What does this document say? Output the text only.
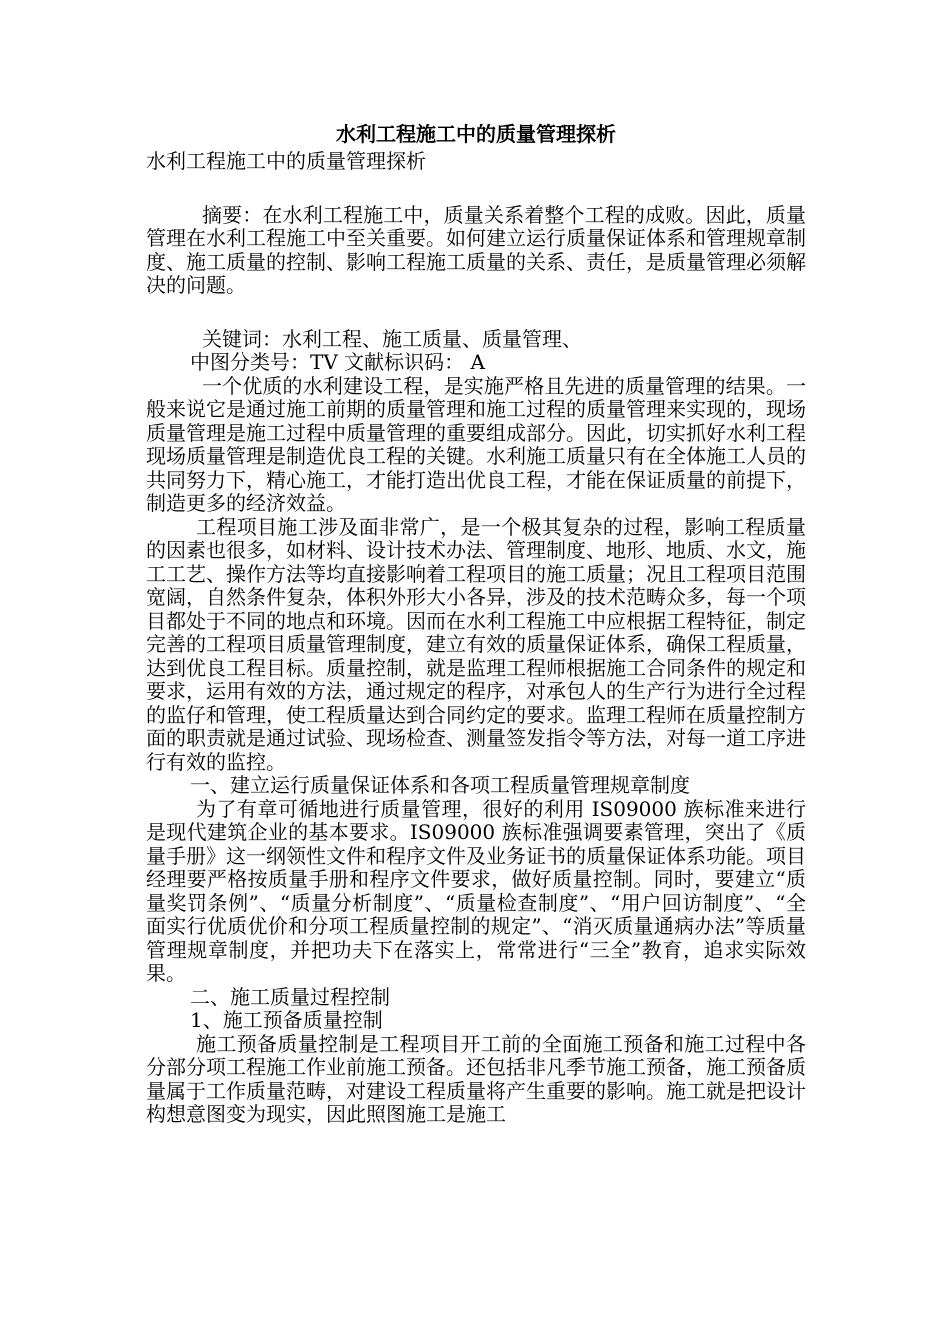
水利工程施工中的质量管理探析

水利工程施工中的质量管理探析

摘要：在水利工程施工中，质量关系着整个工程的成败。因此，质量管理在水利工程施工中至关重要。如何建立运行质量保证体系和管理规章制度、施工质量的控制、影响工程施工质量的关系、责任，是质量管理必须解决的问题。

关键词：水利工程、施工质量、质量管理、

中图分类号：TV 文献标识码： A

一个优质的水利建设工程，是实施严格且先进的质量管理的结果。一般来说它是通过施工前期的质量管理和施工过程的质量管理来实现的，现场质量管理是施工过程中质量管理的重要组成部分。因此，切实抓好水利工程现场质量管理是制造优良工程的关键。水利施工质量只有在全体施工人员的共同努力下，精心施工，才能打造出优良工程，才能在保证质量的前提下，制造更多的经济效益。

工程项目施工涉及面非常广，是一个极其复杂的过程，影响工程质量的因素也很多，如材料、设计技术办法、管理制度、地形、地质、水文，施工工艺、操作方法等均直接影响着工程项目的施工质量；况且工程项目范围宽阔，自然条件复杂，体积外形大小各异，涉及的技术范畴众多，每一个项目都处于不同的地点和环境。因而在水利工程施工中应根据工程特征，制定完善的工程项目质量管理制度，建立有效的质量保证体系，确保工程质量，达到优良工程目标。质量控制，就是监理工程师根据施工合同条件的规定和要求，运用有效的方法，通过规定的程序，对承包人的生产行为进行全过程的监仔和管理，使工程质量达到合同约定的要求。监理工程师在质量控制方面的职责就是通过试验、现场检查、测量签发指令等方法，对每一道工序进行有效的监控。

一、建立运行质量保证体系和各项工程质量管理规章制度

为了有章可循地进行质量管理，很好的利用 IS09000 族标准来进行是现代建筑企业的基本要求。IS09000 族标准强调要素管理，突出了《质量手册》这一纲领性文件和程序文件及业务证书的质量保证体系功能。项目经理要严格按质量手册和程序文件要求，做好质量控制。同时，要建立“质量奖罚条例”、“质量分析制度”、“质量检查制度”、“用户回访制度”、“全面实行优质优价和分项工程质量控制的规定”、“消灭质量通病办法”等质量管理规章制度，并把功夫下在落实上，常常进行“三全”教育，追求实际效果。

二、施工质量过程控制

1、施工预备质量控制

施工预备质量控制是工程项目开工前的全面施工预备和施工过程中各分部分项工程施工作业前施工预备。还包括非凡季节施工预备，施工预备质量属于工作质量范畴，对建设工程质量将产生重要的影响。施工就是把设计构想意图变为现实，因此照图施工是施工
